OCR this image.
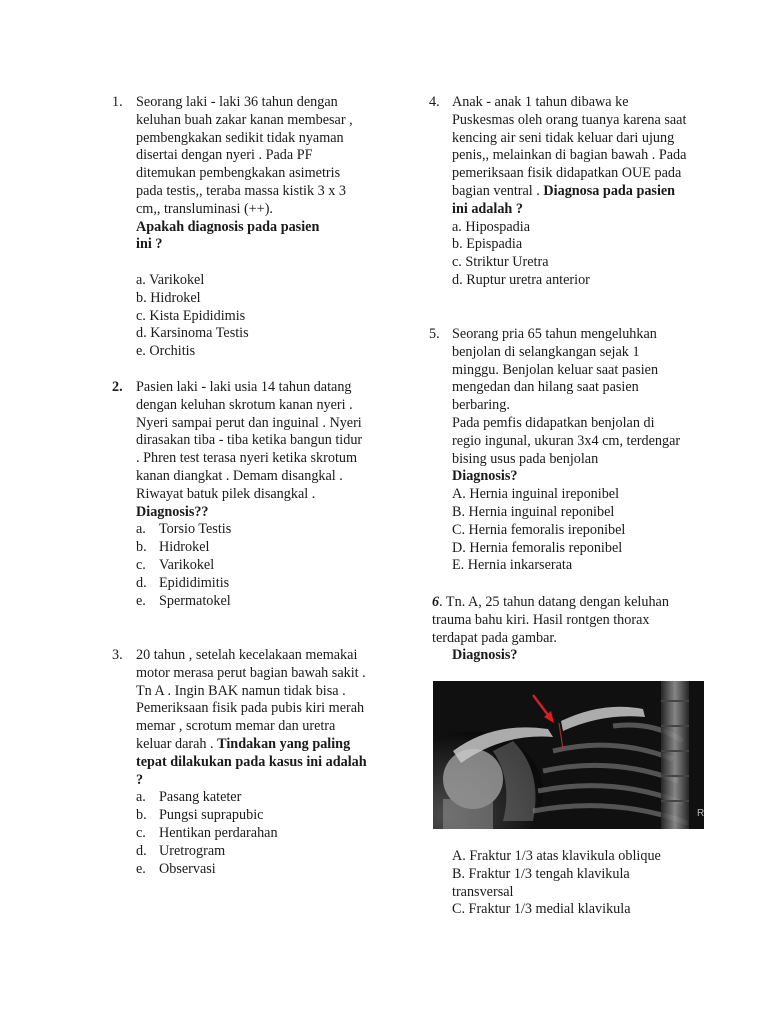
1. Seorang laki - laki 36 tahun dengan keluhan buah zakar kanan membesar , pembengkakan sedikit tidak nyaman disertai dengan nyeri . Pada PF ditemukan pembengkakan asimetris pada testis,, teraba massa kistik 3 x 3 cm,, transluminasi (++).
Apakah diagnosis pada pasien ini ?
a. Varikokel
b. Hidrokel
c. Kista Epididimis
d. Karsinoma Testis
e. Orchitis
2. Pasien laki - laki usia 14 tahun datang dengan keluhan skrotum kanan nyeri . Nyeri sampai perut dan inguinal . Nyeri dirasakan tiba - tiba ketika bangun tidur . Phren test terasa nyeri ketika skrotum kanan diangkat . Demam disangkal . Riwayat batuk pilek disangkal .
Diagnosis??
a. Torsio Testis
b. Hidrokel
c. Varikokel
d. Epididimitis
e. Spermatokel
3. 20 tahun , setelah kecelakaan memakai motor merasa perut bagian bawah sakit . Tn A . Ingin BAK namun tidak bisa . Pemeriksaan fisik pada pubis kiri merah memar , scrotum memar dan uretra keluar darah . Tindakan yang paling tepat dilakukan pada kasus ini adalah ?
a. Pasang kateter
b. Pungsi suprapubic
c. Hentikan perdarahan
d. Uretrogram
e. Observasi
4. Anak - anak 1 tahun dibawa ke Puskesmas oleh orang tuanya karena saat kencing air seni tidak keluar dari ujung penis,, melainkan di bagian bawah . Pada pemeriksaan fisik didapatkan OUE pada bagian ventral . Diagnosa pada pasien ini adalah ?
a. Hipospadia
b. Epispadia
c. Striktur Uretra
d. Ruptur uretra anterior
5. Seorang pria 65 tahun mengeluhkan benjolan di selangkangan sejak 1 minggu. Benjolan keluar saat pasien mengedan dan hilang saat pasien berbaring.
Pada pemfis didapatkan benjolan di regio ingunal, ukuran 3x4 cm, terdengar bising usus pada benjolan
Diagnosis?
A. Hernia inguinal ireponibel
B. Hernia inguinal reponibel
C. Hernia femoralis ireponibel
D. Hernia femoralis reponibel
E. Hernia inkarserata
6. Tn. A, 25 tahun datang dengan keluhan trauma bahu kiri. Hasil rontgen thorax terdapat pada gambar.
Diagnosis?
R
A. Fraktur 1/3 atas klavikula oblique
B. Fraktur 1/3 tengah klavikula transversal
C. Fraktur 1/3 medial klavikula
